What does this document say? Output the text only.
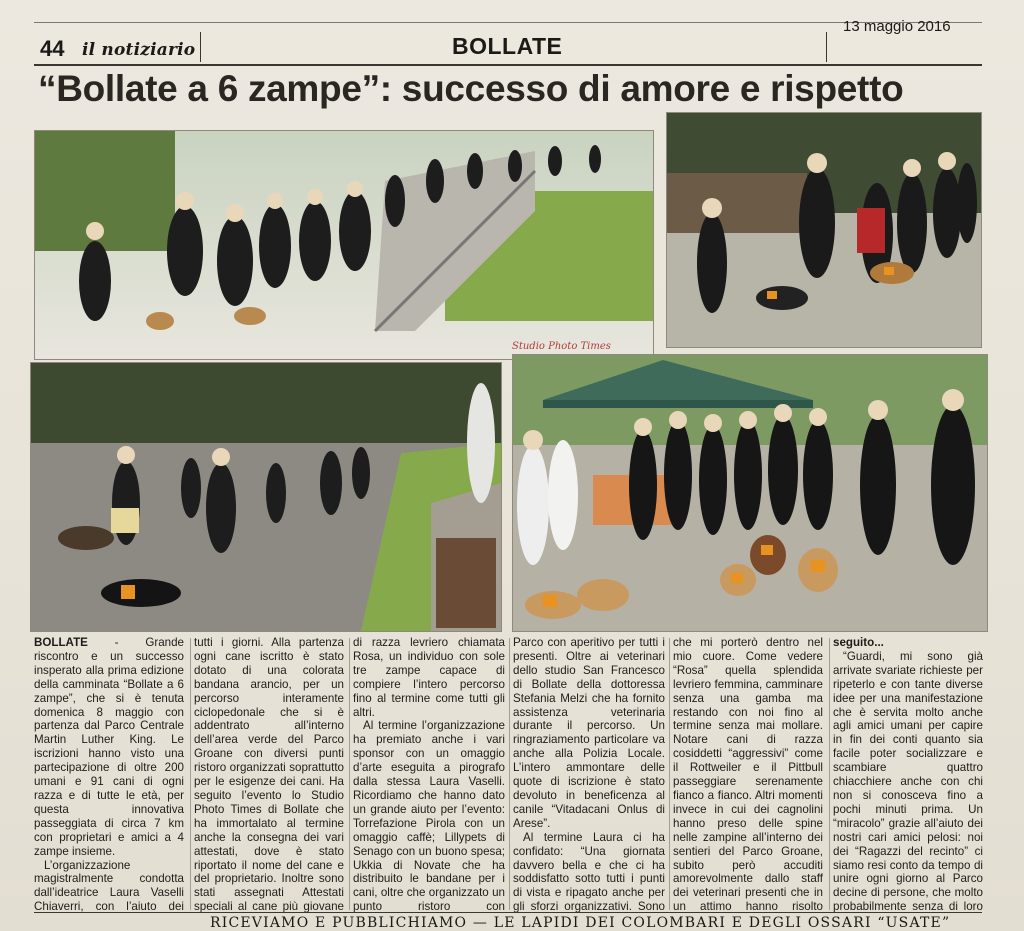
44 il notiziario	BOLLATE
13 maggio 2016
“Bollate a 6 zampe”: successo di amore e rispetto
Studio Photo Times

BOLLATE - Grande riscontro e un successo insperato alla prima edizione della camminata “Bollate a 6 zampe”, che si è tenuta domenica 8 maggio con partenza dal Parco Centrale Martin Luther King. Le iscrizioni hanno visto una partecipazione di oltre 200 umani e 91 cani di ogni razza e di tutte le età, per questa innovativa passeggiata di circa 7 km con proprietari e amici a 4 zampe insieme.

L’organizzazione magistralmente condotta dall’ideatrice Laura Vaselli Chiaverri, con l’aiuto dei

tutti i giorni. Alla partenza ogni cane iscritto è stato dotato di una colorata bandana arancio, per un percorso interamente ciclopedonale che si è addentrato all’interno dell’area verde del Parco Groane con diversi punti ristoro organizzati soprattutto per le esigenze dei cani. Ha seguito l’evento lo Studio Photo Times di Bollate che ha immortalato al termine anche la consegna dei vari attestati, dove è stato riportato il nome del cane e del proprietario. Inoltre sono stati assegnati Attestati speciali al cane più giovane

di razza levriero chiamata Rosa, un individuo con sole tre zampe capace di compiere l’intero percorso fino al termine come tutti gli altri.

Al termine l’organizzazione ha premiato anche i vari sponsor con un omaggio d’arte eseguita a pirografo dalla stessa Laura Vaselli. Ricordiamo che hanno dato un grande aiuto per l’evento: Torrefazione Pirola con un omaggio caffè; Lillypets di Senago con un buono spesa; Ukkia di Novate che ha distribuito le bandane per i cani, oltre che organizzato un punto ristoro con

Parco con aperitivo per tutti i presenti. Oltre ai veterinari dello studio San Francesco di Bollate della dottoressa Stefania Melzi che ha fornito assistenza veterinaria durante il percorso. Un ringraziamento particolare va anche alla Polizia Locale. L’intero ammontare delle quote di iscrizione è stato devoluto in beneficenza al canile “Vitadacani Onlus di Arese”.

Al termine Laura ci ha confidato: “Una giornata davvero bella e che ci ha soddisfatto sotto tutti i punti di vista e ripagato anche per gli sforzi organizzativi. Sono

che mi porterò dentro nel mio cuore. Come vedere “Rosa” quella splendida levriero femmina, camminare senza una gamba ma restando con noi fino al termine senza mai mollare. Notare cani di razza cosiddetti “aggressivi” come il Rottweiler e il Pittbull passeggiare serenamente fianco a fianco. Altri momenti invece in cui dei cagnolini hanno preso delle spine nelle zampine all’interno dei sentieri del Parco Groane, subito però accuditi amorevolmente dallo staff dei veterinari presenti che in un attimo hanno risolto

seguito...

“Guardi, mi sono già arrivate svariate richieste per ripeterlo e con tante diverse idee per una manifestazione che è servita molto anche agli amici umani per capire in fin dei conti quanto sia facile poter socializzare e scambiare quattro chiacchiere anche con chi non si conosceva fino a pochi minuti prima. Un “miracolo” grazie all’aiuto dei nostri cari amici pelosi: noi dei “Ragazzi del recinto” ci siamo resi conto da tempo di unire ogni giorno al Parco decine di persone, che molto probabilmente senza di loro

RICEVIAMO E PUBBLICHIAMO — LE LAPIDI DEI COLOMBARI E DEGLI OSSARI “USATE”
